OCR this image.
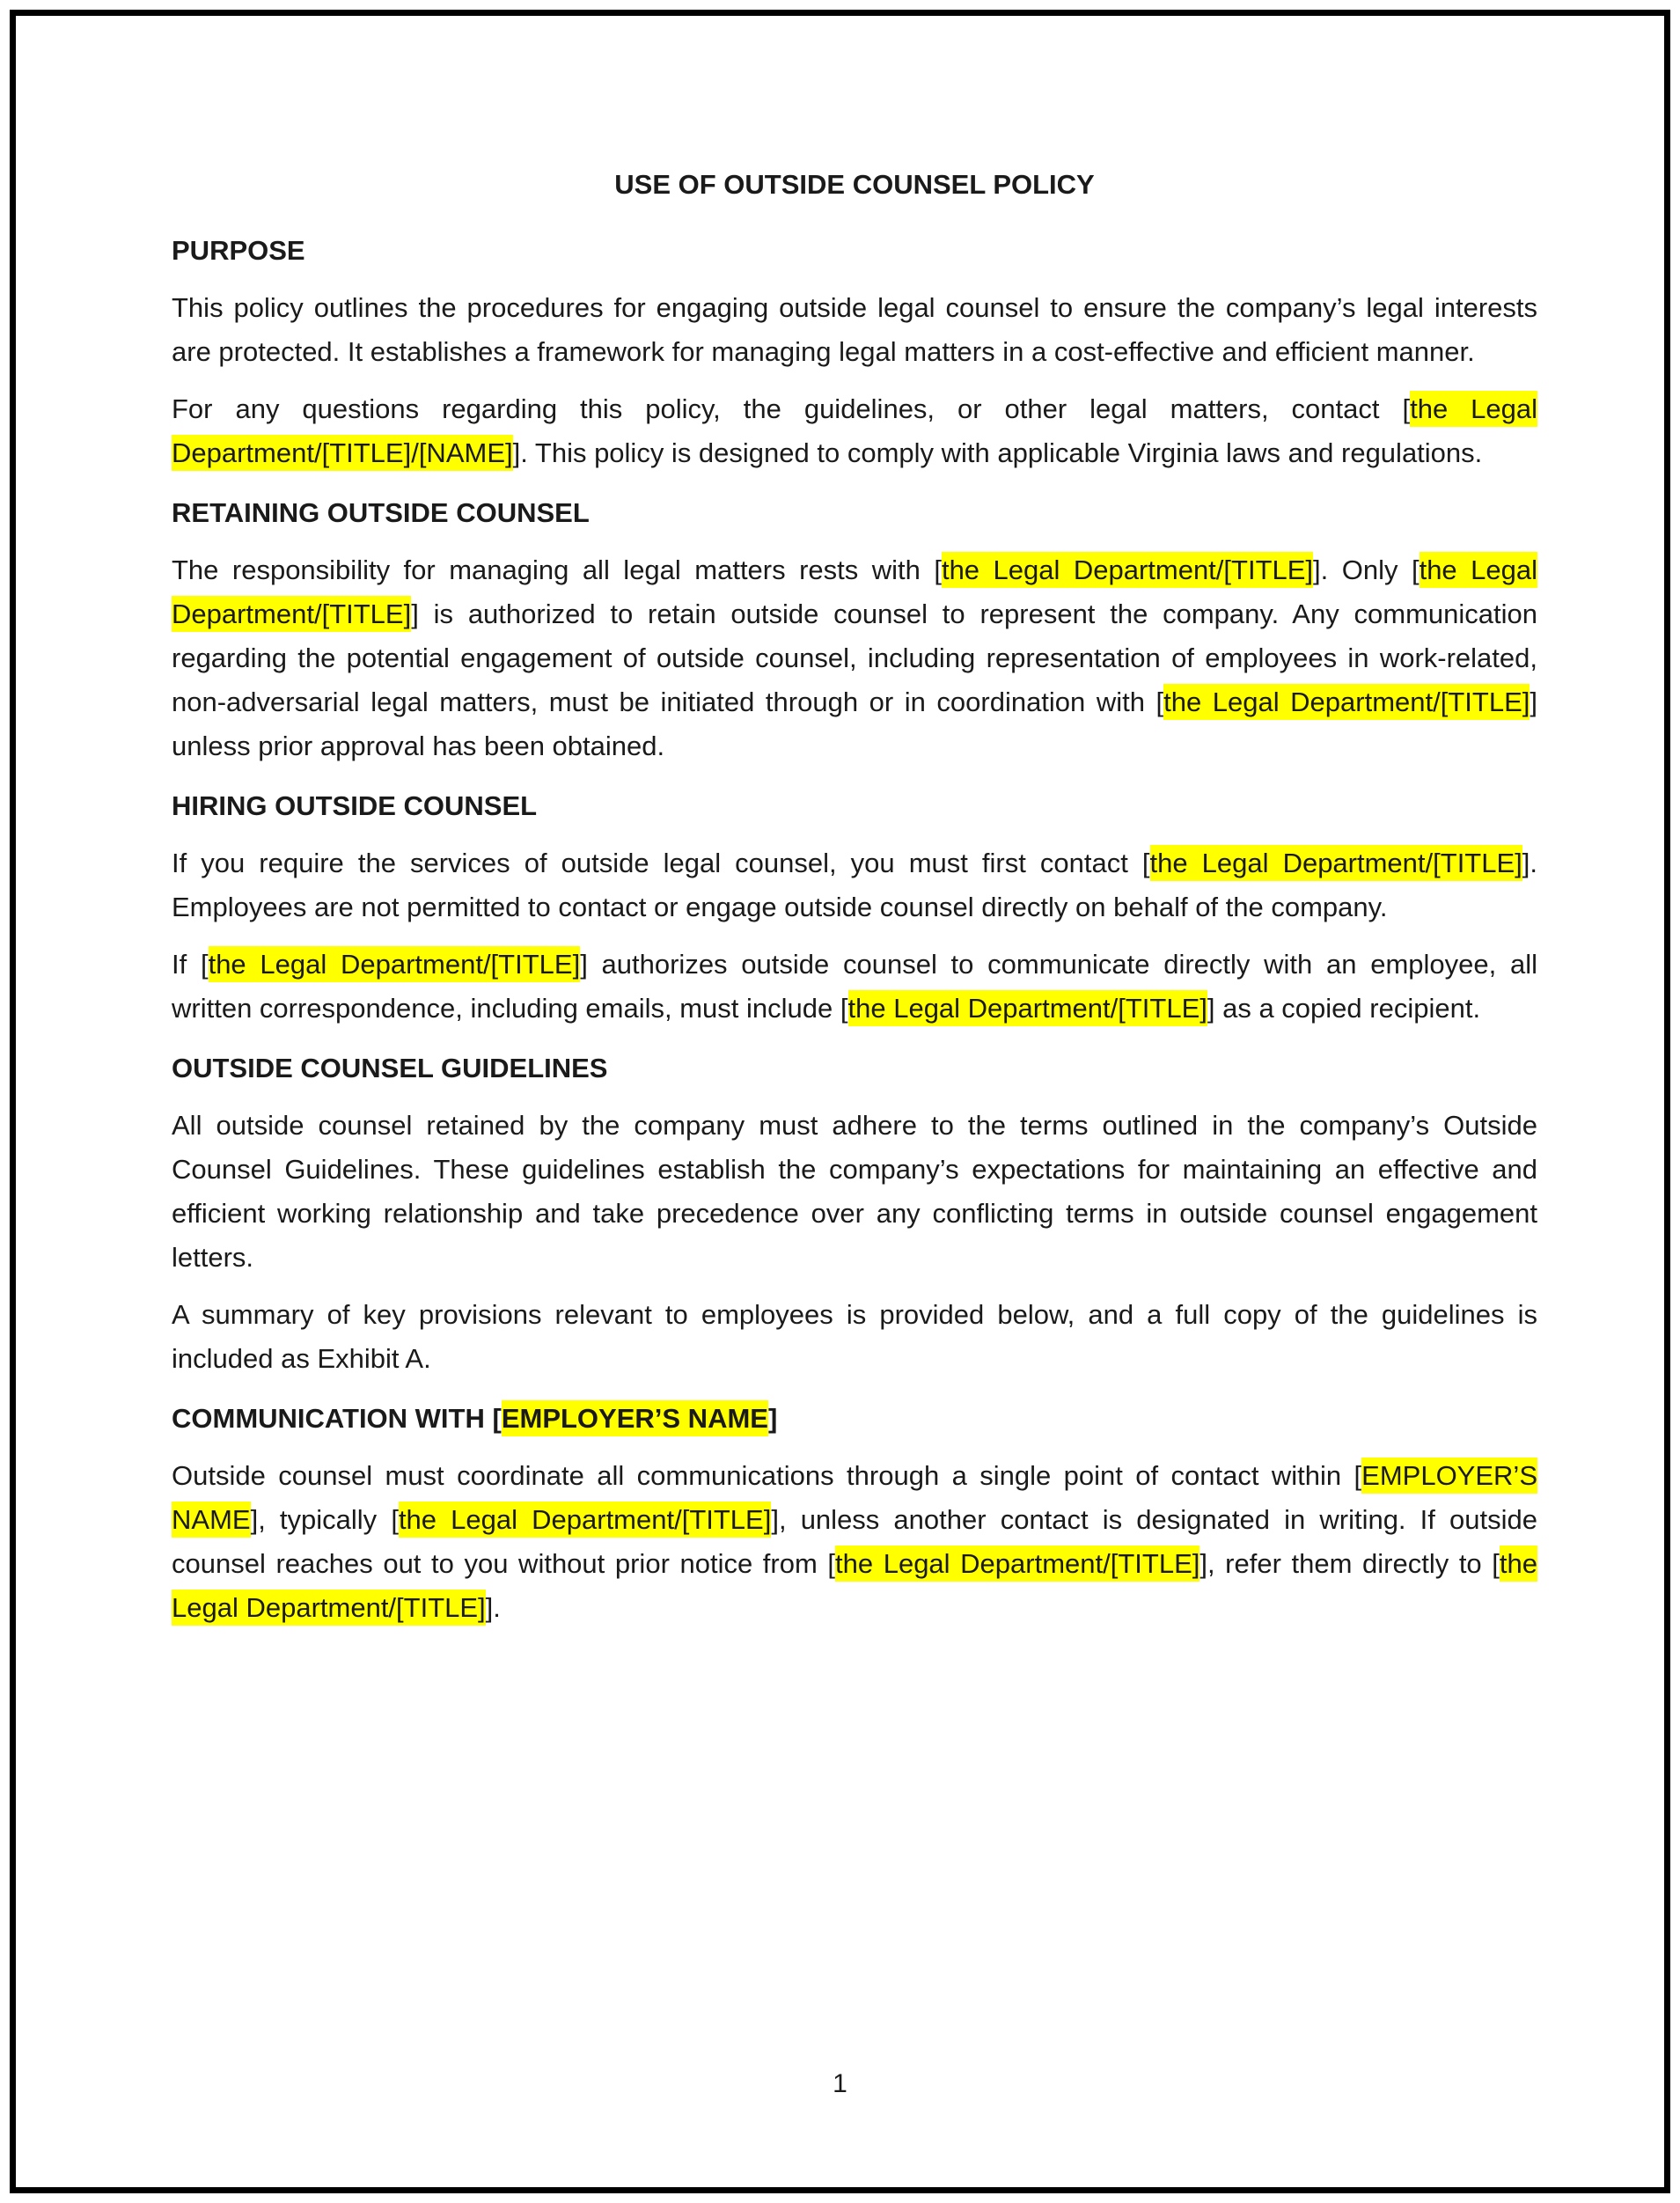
USE OF OUTSIDE COUNSEL POLICY
PURPOSE

This policy outlines the procedures for engaging outside legal counsel to ensure the company’s legal interests are protected. It establishes a framework for managing legal matters in a cost-effective and efficient manner.

For any questions regarding this policy, the guidelines, or other legal matters, contact [the Legal Department/[TITLE]/[NAME]]. This policy is designed to comply with applicable Virginia laws and regulations.

RETAINING OUTSIDE COUNSEL

The responsibility for managing all legal matters rests with [the Legal Department/[TITLE]]. Only [the Legal Department/[TITLE]] is authorized to retain outside counsel to represent the company. Any communication regarding the potential engagement of outside counsel, including representation of employees in work-related, non-adversarial legal matters, must be initiated through or in coordination with [the Legal Department/[TITLE]] unless prior approval has been obtained.

HIRING OUTSIDE COUNSEL

If you require the services of outside legal counsel, you must first contact [the Legal Department/[TITLE]]. Employees are not permitted to contact or engage outside counsel directly on behalf of the company.

If [the Legal Department/[TITLE]] authorizes outside counsel to communicate directly with an employee, all written correspondence, including emails, must include [the Legal Department/[TITLE]] as a copied recipient.

OUTSIDE COUNSEL GUIDELINES

All outside counsel retained by the company must adhere to the terms outlined in the company’s Outside Counsel Guidelines. These guidelines establish the company’s expectations for maintaining an effective and efficient working relationship and take precedence over any conflicting terms in outside counsel engagement letters.

A summary of key provisions relevant to employees is provided below, and a full copy of the guidelines is included as Exhibit A.

COMMUNICATION WITH [EMPLOYER’S NAME]

Outside counsel must coordinate all communications through a single point of contact within [EMPLOYER’S NAME], typically [the Legal Department/[TITLE]], unless another contact is designated in writing. If outside counsel reaches out to you without prior notice from [the Legal Department/[TITLE]], refer them directly to [the Legal Department/[TITLE]].

1
